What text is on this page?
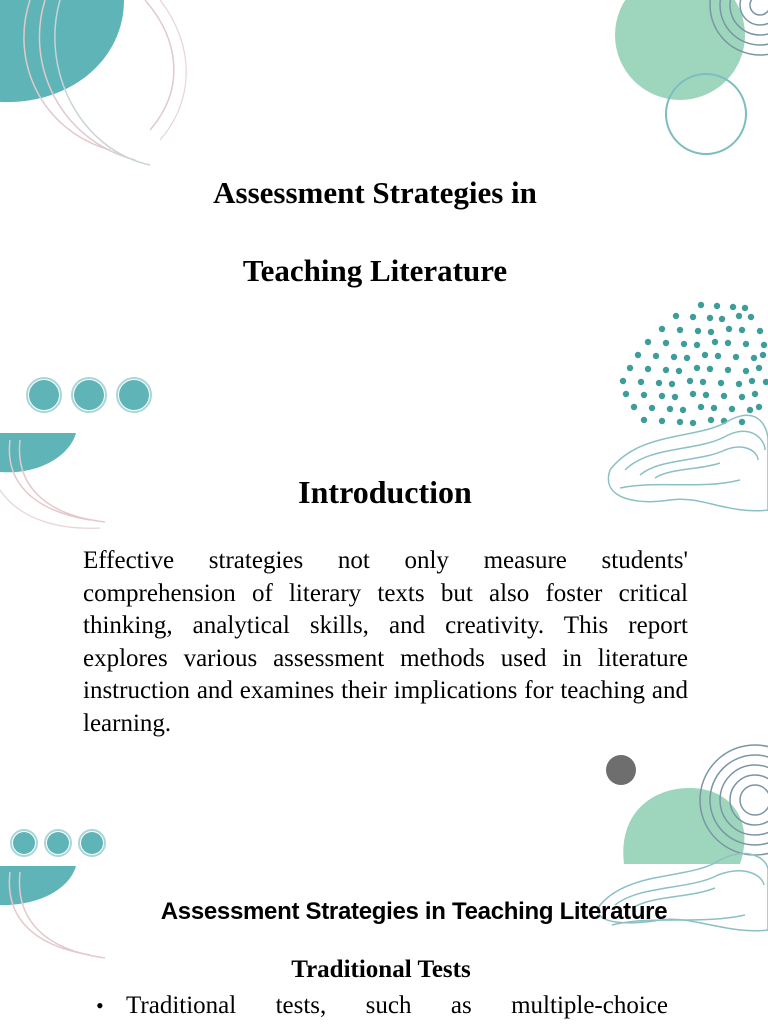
Assessment Strategies in
Teaching Literature
Introduction
Effective strategies not only measure students' comprehension of literary texts but also foster critical thinking, analytical skills, and creativity. This report explores various assessment methods used in literature instruction and examines their implications for teaching and learning.
Assessment Strategies in Teaching Literature
Traditional Tests
• Traditional tests, such as multiple-choice
